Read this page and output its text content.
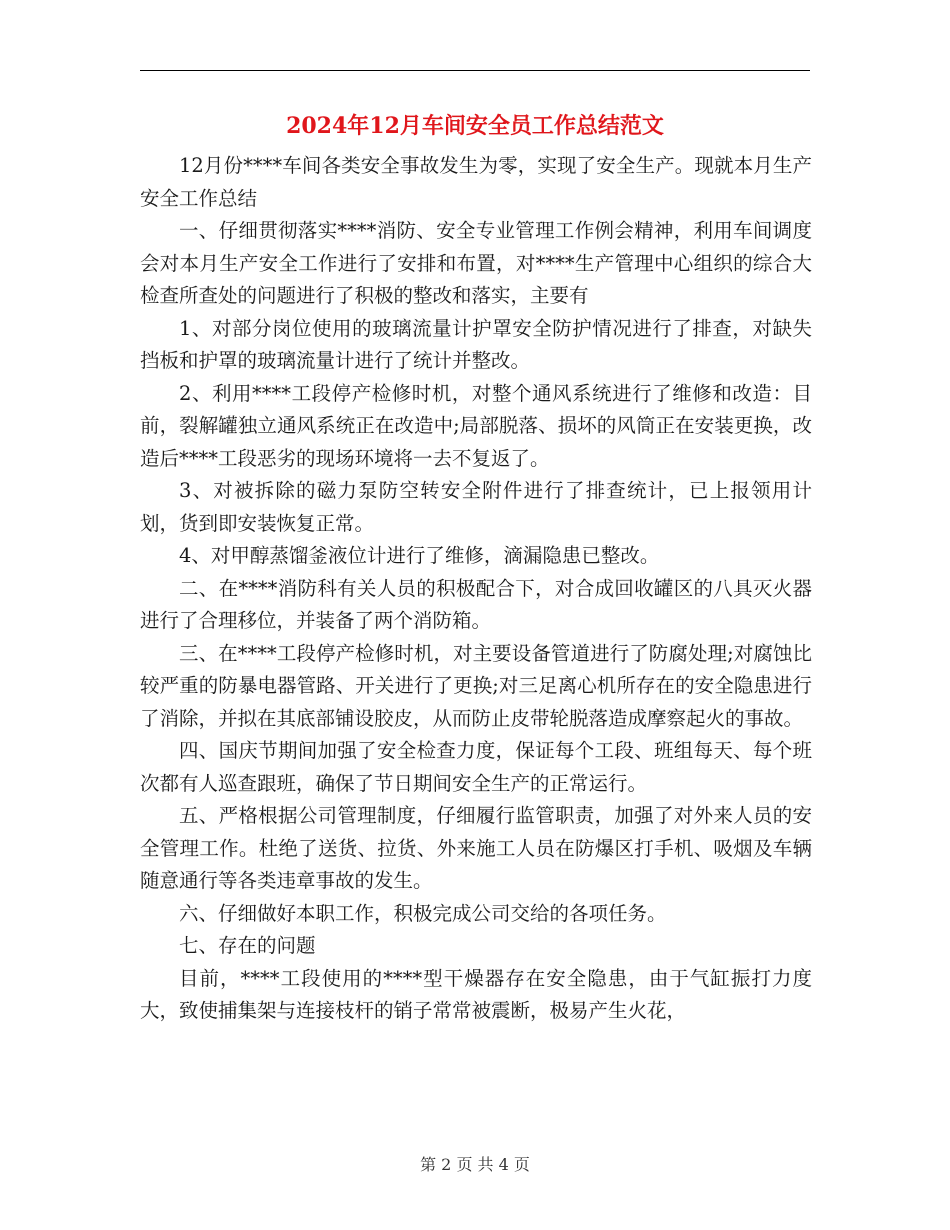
2024年12月车间安全员工作总结范文

12月份****车间各类安全事故发生为零，实现了安全生产。现就本月生产安全工作总结

一、仔细贯彻落实****消防、安全专业管理工作例会精神，利用车间调度会对本月生产安全工作进行了安排和布置，对****生产管理中心组织的综合大检查所查处的问题进行了积极的整改和落实，主要有

1、对部分岗位使用的玻璃流量计护罩安全防护情况进行了排查，对缺失挡板和护罩的玻璃流量计进行了统计并整改。

2、利用****工段停产检修时机，对整个通风系统进行了维修和改造：目前，裂解罐独立通风系统正在改造中;局部脱落、损坏的风筒正在安装更换，改造后****工段恶劣的现场环境将一去不复返了。

3、对被拆除的磁力泵防空转安全附件进行了排查统计，已上报领用计划，货到即安装恢复正常。

4、对甲醇蒸馏釜液位计进行了维修，滴漏隐患已整改。

二、在****消防科有关人员的积极配合下，对合成回收罐区的八具灭火器进行了合理移位，并装备了两个消防箱。

三、在****工段停产检修时机，对主要设备管道进行了防腐处理;对腐蚀比较严重的防暴电器管路、开关进行了更换;对三足离心机所存在的安全隐患进行了消除，并拟在其底部铺设胶皮，从而防止皮带轮脱落造成摩察起火的事故。

四、国庆节期间加强了安全检查力度，保证每个工段、班组每天、每个班次都有人巡查跟班，确保了节日期间安全生产的正常运行。

五、严格根据公司管理制度，仔细履行监管职责，加强了对外来人员的安全管理工作。杜绝了送货、拉货、外来施工人员在防爆区打手机、吸烟及车辆随意通行等各类违章事故的发生。

六、仔细做好本职工作，积极完成公司交给的各项任务。

七、存在的问题

目前，****工段使用的****型干燥器存在安全隐患，由于气缸振打力度大，致使捕集架与连接枝杆的销子常常被震断，极易产生火花，

第 2 页 共 4 页
